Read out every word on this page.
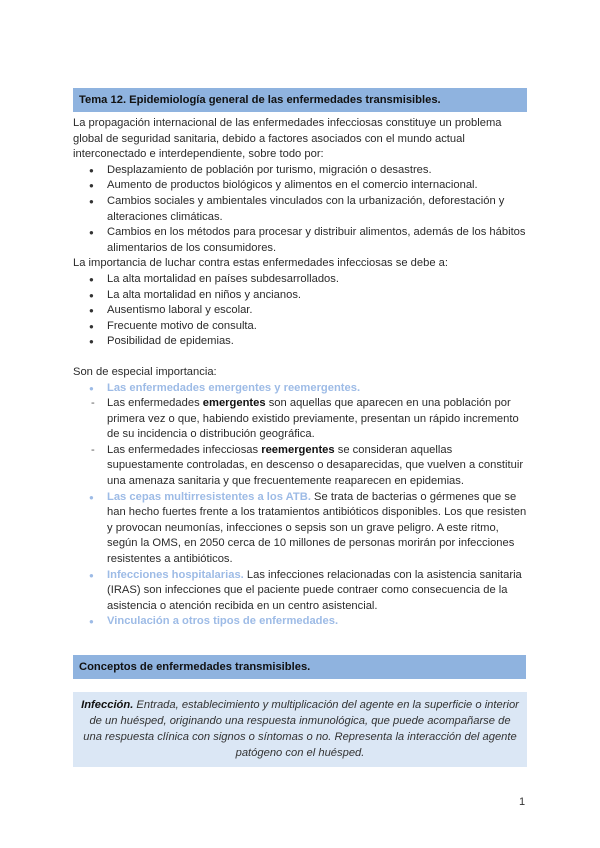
Tema 12. Epidemiología general de las enfermedades transmisibles.

La propagación internacional de las enfermedades infecciosas constituye un problema global de seguridad sanitaria, debido a factores asociados con el mundo actual interconectado e interdependiente, sobre todo por:

● Desplazamiento de población por turismo, migración o desastres.
● Aumento de productos biológicos y alimentos en el comercio internacional.
● Cambios sociales y ambientales vinculados con la urbanización, deforestación y alteraciones climáticas.
● Cambios en los métodos para procesar y distribuir alimentos, además de los hábitos alimentarios de los consumidores.

La importancia de luchar contra estas enfermedades infecciosas se debe a:

● La alta mortalidad en países subdesarrollados.
● La alta mortalidad en niños y ancianos.
● Ausentismo laboral y escolar.
● Frecuente motivo de consulta.
● Posibilidad de epidemias.

Son de especial importancia:

● Las enfermedades emergentes y reemergentes.
- Las enfermedades emergentes son aquellas que aparecen en una población por primera vez o que, habiendo existido previamente, presentan un rápido incremento de su incidencia o distribución geográfica.
- Las enfermedades infecciosas reemergentes se consideran aquellas supuestamente controladas, en descenso o desaparecidas, que vuelven a constituir una amenaza sanitaria y que frecuentemente reaparecen en epidemias.
● Las cepas multirresistentes a los ATB. Se trata de bacterias o gérmenes que se han hecho fuertes frente a los tratamientos antibióticos disponibles. Los que resisten y provocan neumonías, infecciones o sepsis son un grave peligro. A este ritmo, según la OMS, en 2050 cerca de 10 millones de personas morirán por infecciones resistentes a antibióticos.
● Infecciones hospitalarias. Las infecciones relacionadas con la asistencia sanitaria (IRAS) son infecciones que el paciente puede contraer como consecuencia de la asistencia o atención recibida en un centro asistencial.
● Vinculación a otros tipos de enfermedades.
Conceptos de enfermedades transmisibles.
Infección. Entrada, establecimiento y multiplicación del agente en la superficie o interior de un huésped, originando una respuesta inmunológica, que puede acompañarse de una respuesta clínica con signos o síntomas o no. Representa la interacción del agente patógeno con el huésped.
1
